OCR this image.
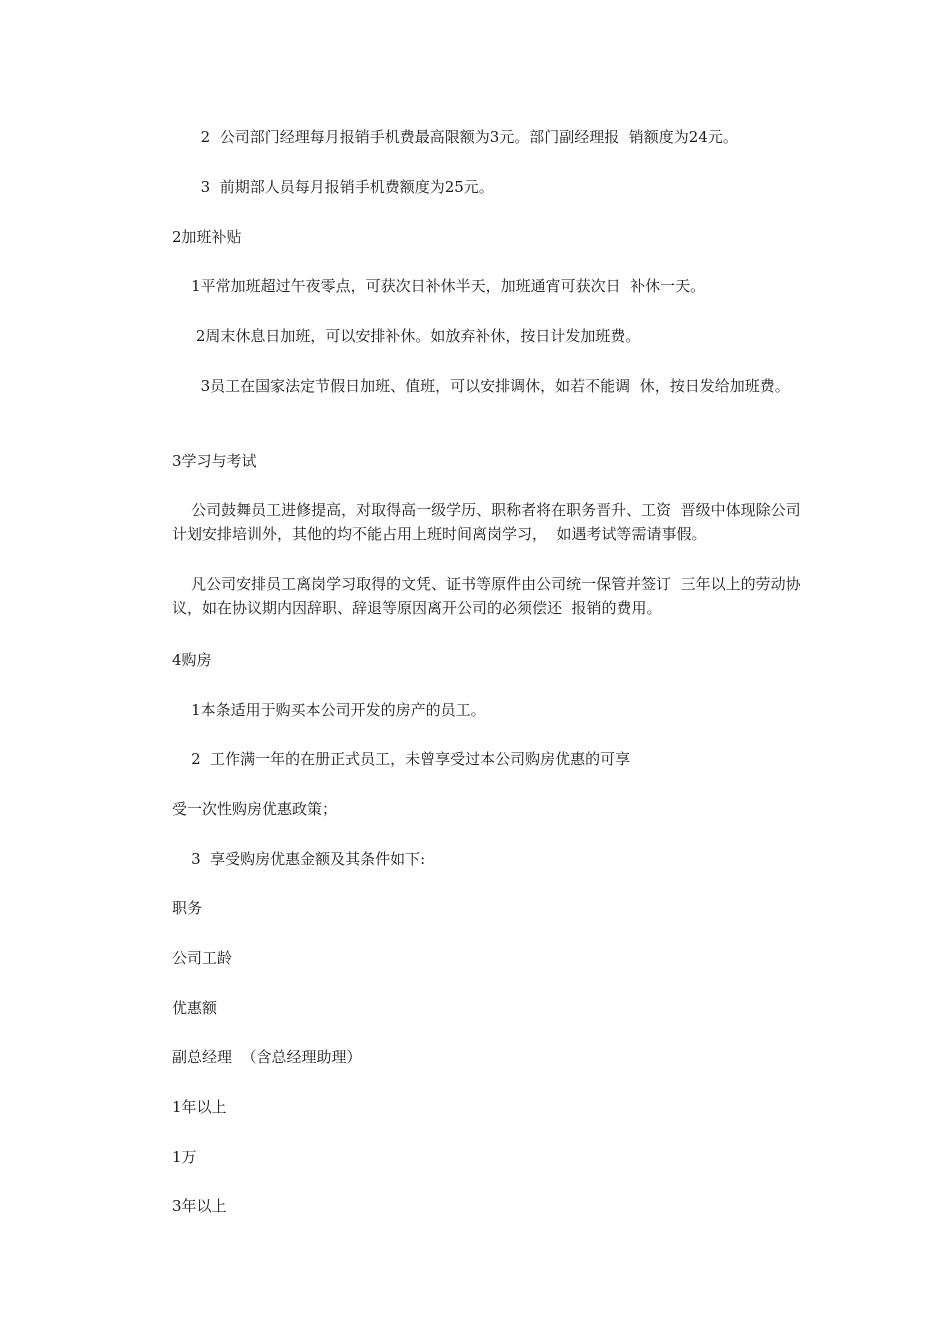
2  公司部门经理每月报销手机费最高限额为3元。部门副经理报  销额度为24元。

3  前期部人员每月报销手机费额度为25元。

2加班补贴

1平常加班超过午夜零点，可获次日补休半天，加班通宵可获次日  补休一天。

2周末休息日加班，可以安排补休。如放弃补休，按日计发加班费。

3员工在国家法定节假日加班、值班，可以安排调休，如若不能调  休，按日发给加班费。

3学习与考试

公司鼓舞员工进修提高，对取得高一级学历、职称者将在职务晋升、工资  晋级中体现除公司计划安排培训外，其他的均不能占用上班时间离岗学习，  如遇考试等需请事假。

凡公司安排员工离岗学习取得的文凭、证书等原件由公司统一保管并签订  三年以上的劳动协议，如在协议期内因辞职、辞退等原因离开公司的必须偿还  报销的费用。

4购房

1本条适用于购买本公司开发的房产的员工。

2  工作满一年的在册正式员工，未曾享受过本公司购房优惠的可享

受一次性购房优惠政策；

3  享受购房优惠金额及其条件如下:

职务

公司工龄

优惠额

副总经理  （含总经理助理）

1年以上

1万

3年以上
